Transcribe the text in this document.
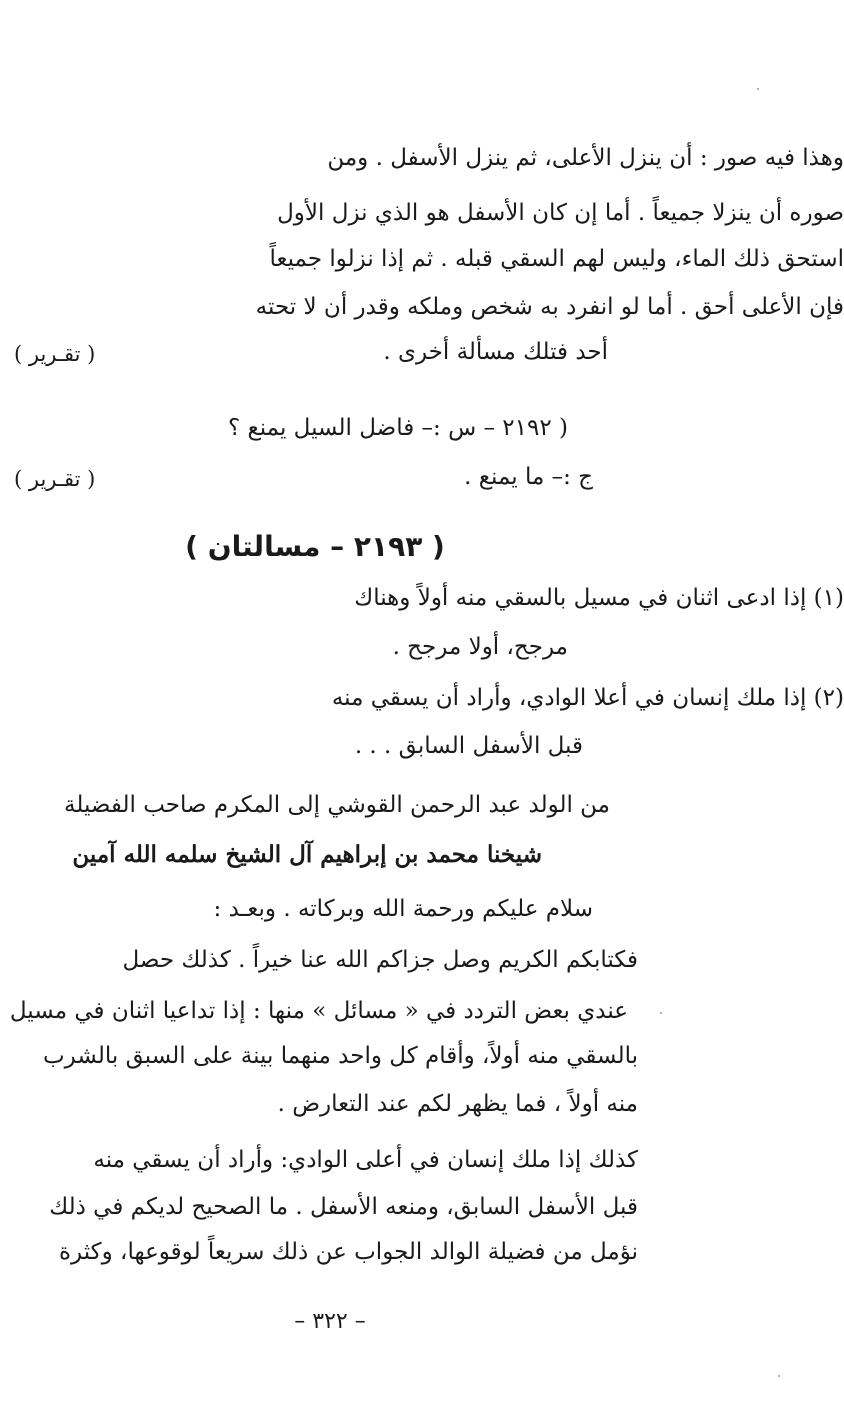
وهذا فيه صور : أن ينزل الأعلى، ثم ينزل الأسفل . ومن
صوره أن ينزلا جميعاً . أما إن كان الأسفل هو الذي نزل الأول
استحق ذلك الماء، وليس لهم السقي قبله . ثم إذا نزلوا جميعاً
فإن الأعلى أحق . أما لو انفرد به شخص وملكه وقدر أن لا تحته
أحد فتلك مسألة أخرى .
( تقـرير )
( ٢١٩٢ – س :– فاضل السيل يمنع ؟
ج :– ما يمنع .
( تقـرير )
( ٢١٩٣ – مسالتان )
(١) إذا ادعى اثنان في مسيل بالسقي منه أولاً وهناك
مرجح، أولا مرجح .
(٢) إذا ملك إنسان في أعلا الوادي، وأراد أن يسقي منه
قبل الأسفل السابق . . .
من الولد عبد الرحمن القوشي إلى المكرم صاحب الفضيلة
شيخنا محمد بن إبراهيم آل الشيخ سلمه الله آمين
سلام عليكم ورحمة الله وبركاته . وبعـد :
فكتابكم الكريم وصل جزاكم الله عنا خيراً . كذلك حصل
عندي بعض التردد في « مسائل » منها : إذا تداعيا اثنان في مسيل
بالسقي منه أولاً، وأقام كل واحد منهما بينة على السبق بالشرب
منه أولاً ، فما يظهر لكم عند التعارض .
كذلك إذا ملك إنسان في أعلى الوادي: وأراد أن يسقي منه
قبل الأسفل السابق، ومنعه الأسفل . ما الصحيح لديكم في ذلك
نؤمل من فضيلة الوالد الجواب عن ذلك سريعاً لوقوعها، وكثرة
– ٣٢٢ –
